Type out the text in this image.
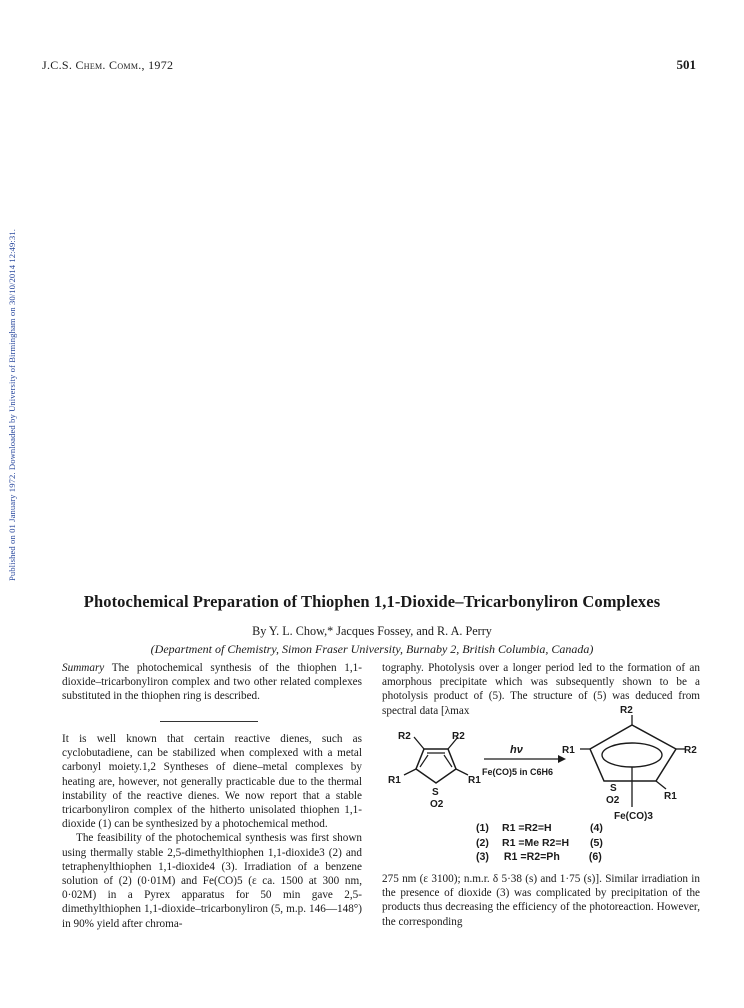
Published on 01 January 1972. Downloaded by University of Birmingham on 30/10/2014 12:49:31.
J.C.S. Chem. Comm., 1972	501
Photochemical Preparation of Thiophen 1,1-Dioxide–Tricarbonyliron Complexes
By Y. L. Chow,* Jacques Fossey, and R. A. Perry
(Department of Chemistry, Simon Fraser University, Burnaby 2, British Columbia, Canada)
Summary The photochemical synthesis of the thiophen 1,1-dioxide–tricarbonyliron complex and two other related complexes substituted in the thiophen ring is described.

It is well known that certain reactive dienes, such as cyclobutadiene, can be stabilized when complexed with a metal carbonyl moiety.1,2 Syntheses of diene–metal complexes by heating are, however, not generally practicable due to the thermal instability of the reactive dienes. We now report that a stable tricarbonyliron complex of the hitherto unisolated thiophen 1,1-dioxide (1) can be synthesized by a photochemical method.

The feasibility of the photochemical synthesis was first shown using thermally stable 2,5-dimethylthiophen 1,1-dioxide3 (2) and tetraphenylthiophen 1,1-dioxide4 (3). Irradiation of a benzene solution of (2) (0·01M) and Fe(CO)5 (ε ca. 1500 at 300 nm, 0·02M) in a Pyrex apparatus for 50 min gave 2,5-dimethylthiophen 1,1-dioxide–tricarbonyliron (5, m.p. 146—148°) in 90% yield after chroma-

tography. Photolysis over a longer period led to the formation of an amorphous precipitate which was subsequently shown to be a photolysis product of (5). The structure of (5) was deduced from spectral data [λmax

R2	R2
R1	R1
S
O2
hν
Fe(CO)5 in C6H6
R2
R2
R1
R1
S
O2
Fe(CO)3
(1) R1 =R2=H	(4)
(2) R1 =Me R2=H (5)
(3) R1 =R2=Ph	(6)

275 nm (ε 3100); n.m.r. δ 5·38 (s) and 1·75 (s)]. Similar irradiation in the presence of dioxide (3) was complicated by precipitation of the products thus decreasing the efficiency of the photoreaction. However, the corresponding
